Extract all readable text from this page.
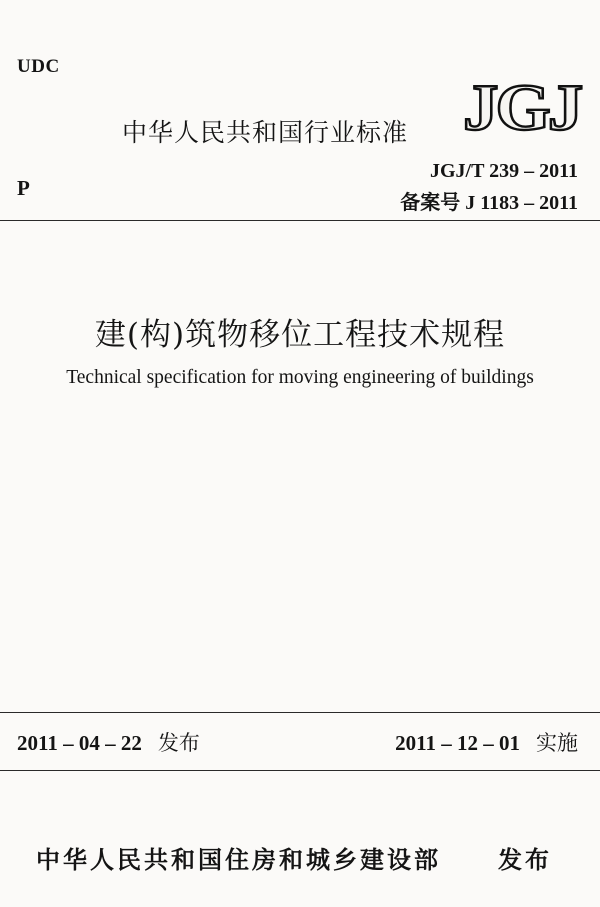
UDC
中华人民共和国行业标准 JGJ
JGJ/T 239 – 2011
P
备案号 J 1183 – 2011
建(构)筑物移位工程技术规程
Technical specification for moving engineering of buildings
2011 – 04 – 22 发布	2011 – 12 – 01 实施
中华人民共和国住房和城乡建设部 发布
